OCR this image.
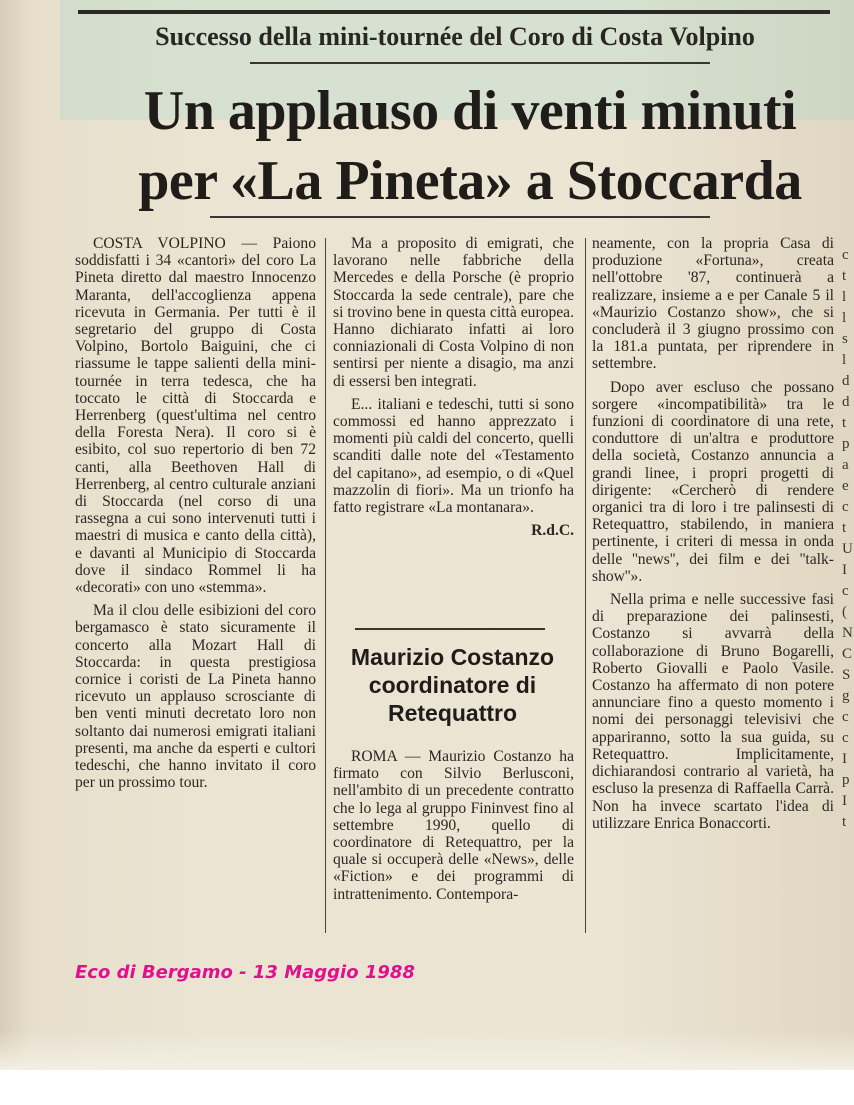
Successo della mini-tournée del Coro di Costa Volpino
Un applauso di venti minuti
per «La Pineta» a Stoccarda

COSTA VOLPINO — Paiono soddisfatti i 34 «cantori» del coro La Pineta diretto dal maestro Innocenzo Maranta, dell'accoglienza appena ricevuta in Germania. Per tutti è il segretario del gruppo di Costa Volpino, Bortolo Baiguini, che ci riassume le tappe salienti della mini-tournée in terra tedesca, che ha toccato le città di Stoccarda e Herrenberg (quest'ultima nel centro della Foresta Nera). Il coro si è esibito, col suo repertorio di ben 72 canti, alla Beethoven Hall di Herrenberg, al centro culturale anziani di Stoccarda (nel corso di una rassegna a cui sono intervenuti tutti i maestri di musica e canto della città), e davanti al Municipio di Stoccarda dove il sindaco Rommel li ha «decorati» con uno «stemma».

Ma il clou delle esibizioni del coro bergamasco è stato sicuramente il concerto alla Mozart Hall di Stoccarda: in questa prestigiosa cornice i coristi de La Pineta hanno ricevuto un applauso scrosciante di ben venti minuti decretato loro non soltanto dai numerosi emigrati italiani presenti, ma anche da esperti e cultori tedeschi, che hanno invitato il coro per un prossimo tour.

Ma a proposito di emigrati, che lavorano nelle fabbriche della Mercedes e della Porsche (è proprio Stoccarda la sede centrale), pare che si trovino bene in questa città europea. Hanno dichiarato infatti ai loro conniazionali di Costa Volpino di non sentirsi per niente a disagio, ma anzi di essersi ben integrati.

E... italiani e tedeschi, tutti si sono commossi ed hanno apprezzato i momenti più caldi del concerto, quelli scanditi dalle note del «Testamento del capitano», ad esempio, o di «Quel mazzolin di fiori». Ma un trionfo ha fatto registrare «La montanara».

R.d.C.

Maurizio Costanzo coordinatore di Retequattro

ROMA — Maurizio Costanzo ha firmato con Silvio Berlusconi, nell'ambito di un precedente contratto che lo lega al gruppo Fininvest fino al settembre 1990, quello di coordinatore di Retequattro, per la quale si occuperà delle «News», delle «Fiction» e dei programmi di intrattenimento. Contempora-

neamente, con la propria Casa di produzione «Fortuna», creata nell'ottobre '87, continuerà a realizzare, insieme a e per Canale 5 il «Maurizio Costanzo show», che si concluderà il 3 giugno prossimo con la 181.a puntata, per riprendere in settembre.

Dopo aver escluso che possano sorgere «incompatibilità» tra le funzioni di coordinatore di una rete, conduttore di un'altra e produttore della società, Costanzo annuncia a grandi linee, i propri progetti di dirigente: «Cercherò di rendere organici tra di loro i tre palinsesti di Retequattro, stabilendo, in maniera pertinente, i criteri di messa in onda delle ''news'', dei film e dei ''talk-show''».

Nella prima e nelle successive fasi di preparazione dei palinsesti, Costanzo si avvarrà della collaborazione di Bruno Bogarelli, Roberto Giovalli e Paolo Vasile. Costanzo ha affermato di non potere annunciare fino a questo momento i nomi dei personaggi televisivi che appariranno, sotto la sua guida, su Retequattro. Implicitamente, dichiarandosi contrario al varietà, ha escluso la presenza di Raffaella Carrà. Non ha invece scartato l'idea di utilizzare Enrica Bonaccorti.

c
t
l
l
s
l
d
d
t
p
a
e
c
t
U
I
c
(
N
C
S
g
c
c
I
p
I
t
Eco di Bergamo - 13 Maggio 1988
